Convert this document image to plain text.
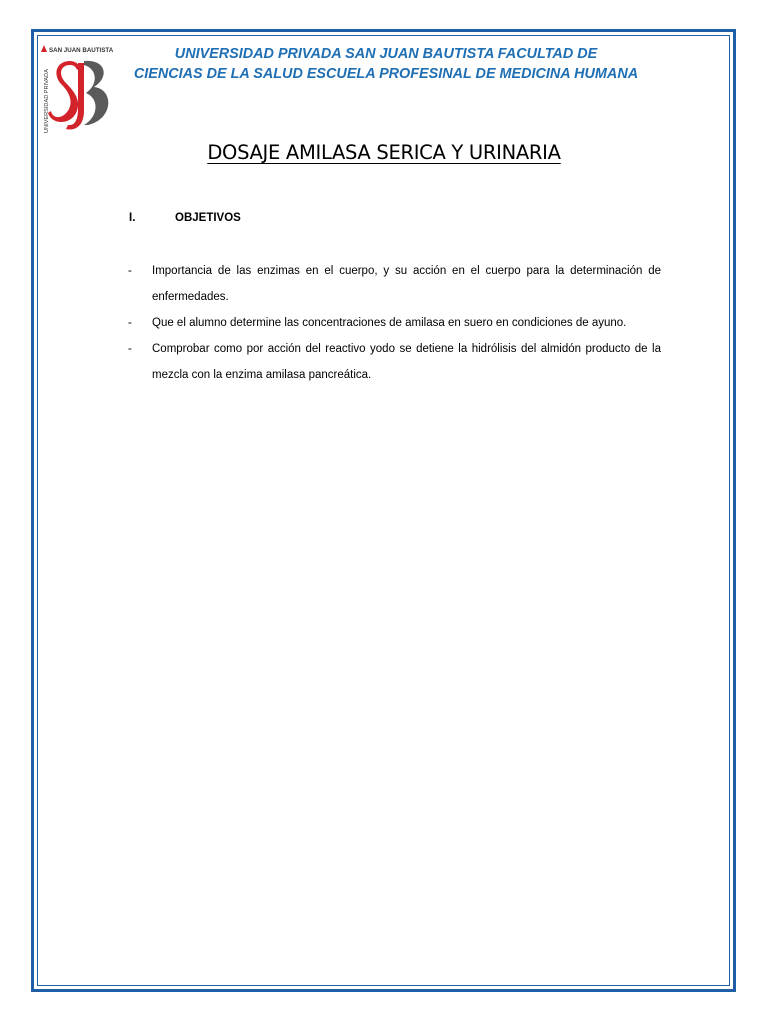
SAN JUAN BAUTISTA
UNIVERSIDAD PRIVADA
UNIVERSIDAD PRIVADA SAN JUAN BAUTISTA FACULTAD DE
CIENCIAS DE LA SALUD ESCUELA PROFESINAL DE MEDICINA HUMANA
DOSAJE AMILASA SERICA Y URINARIA
I.	OBJETIVOS
- Importancia de las enzimas en el cuerpo, y su acción en el cuerpo para la determinación de enfermedades.
- Que el alumno determine las concentraciones de amilasa en suero en condiciones de ayuno.
- Comprobar como por acción del reactivo yodo se detiene la hidrólisis del almidón producto de la mezcla con la enzima amilasa pancreática.
